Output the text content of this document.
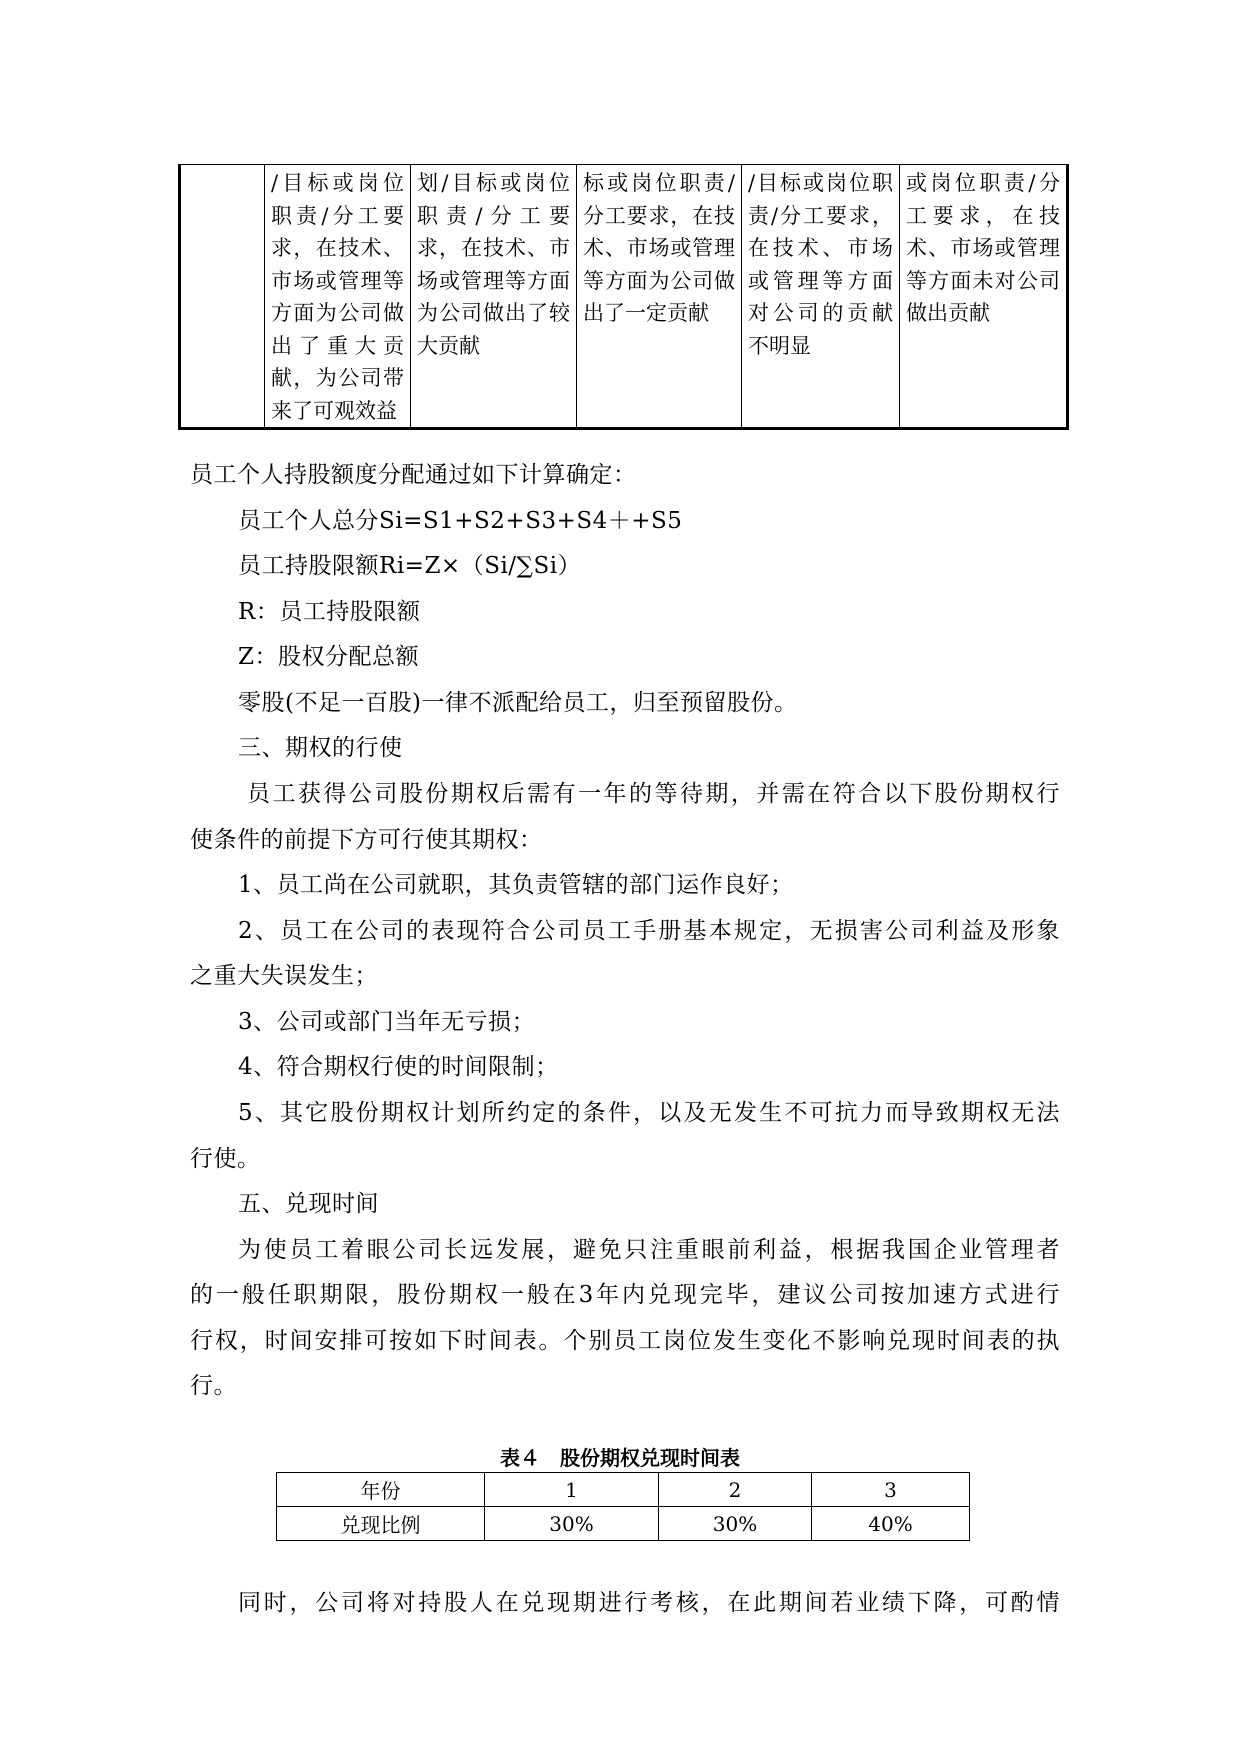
	/目标或岗位职责/分工要求，在技术、市场或管理等方面为公司做出了重大贡献，为公司带来了可观效益	划/目标或岗位职责/分工要求，在技术、市场或管理等方面为公司做出了较大贡献	标或岗位职责/分工要求，在技术、市场或管理等方面为公司做出了一定贡献	/目标或岗位职责/分工要求，在技术、市场或管理等方面对公司的贡献不明显	或岗位职责/分工要求，在技术、市场或管理等方面未对公司做出贡献
员工个人持股额度分配通过如下计算确定：
员工个人总分Si=S1+S2+S3+S4＋+S5
员工持股限额Ri=Z×（Si/∑Si）
R：员工持股限额
Z：股权分配总额
零股(不足一百股)一律不派配给员工，归至预留股份。
三、期权的行使
员工获得公司股份期权后需有一年的等待期，并需在符合以下股份期权行
使条件的前提下方可行使其期权：
1、员工尚在公司就职，其负责管辖的部门运作良好；
2、员工在公司的表现符合公司员工手册基本规定，无损害公司利益及形象
之重大失误发生；
3、公司或部门当年无亏损；
4、符合期权行使的时间限制；
5、其它股份期权计划所约定的条件，以及无发生不可抗力而导致期权无法
行使。
五、兑现时间
为使员工着眼公司长远发展，避免只注重眼前利益，根据我国企业管理者
的一般任职期限，股份期权一般在3年内兑现完毕，建议公司按加速方式进行
行权，时间安排可按如下时间表。个别员工岗位发生变化不影响兑现时间表的执
行。
表４　股份期权兑现时间表
年份	1	2	3
兑现比例	30%	30%	40%
同时，公司将对持股人在兑现期进行考核，在此期间若业绩下降，可酌情
